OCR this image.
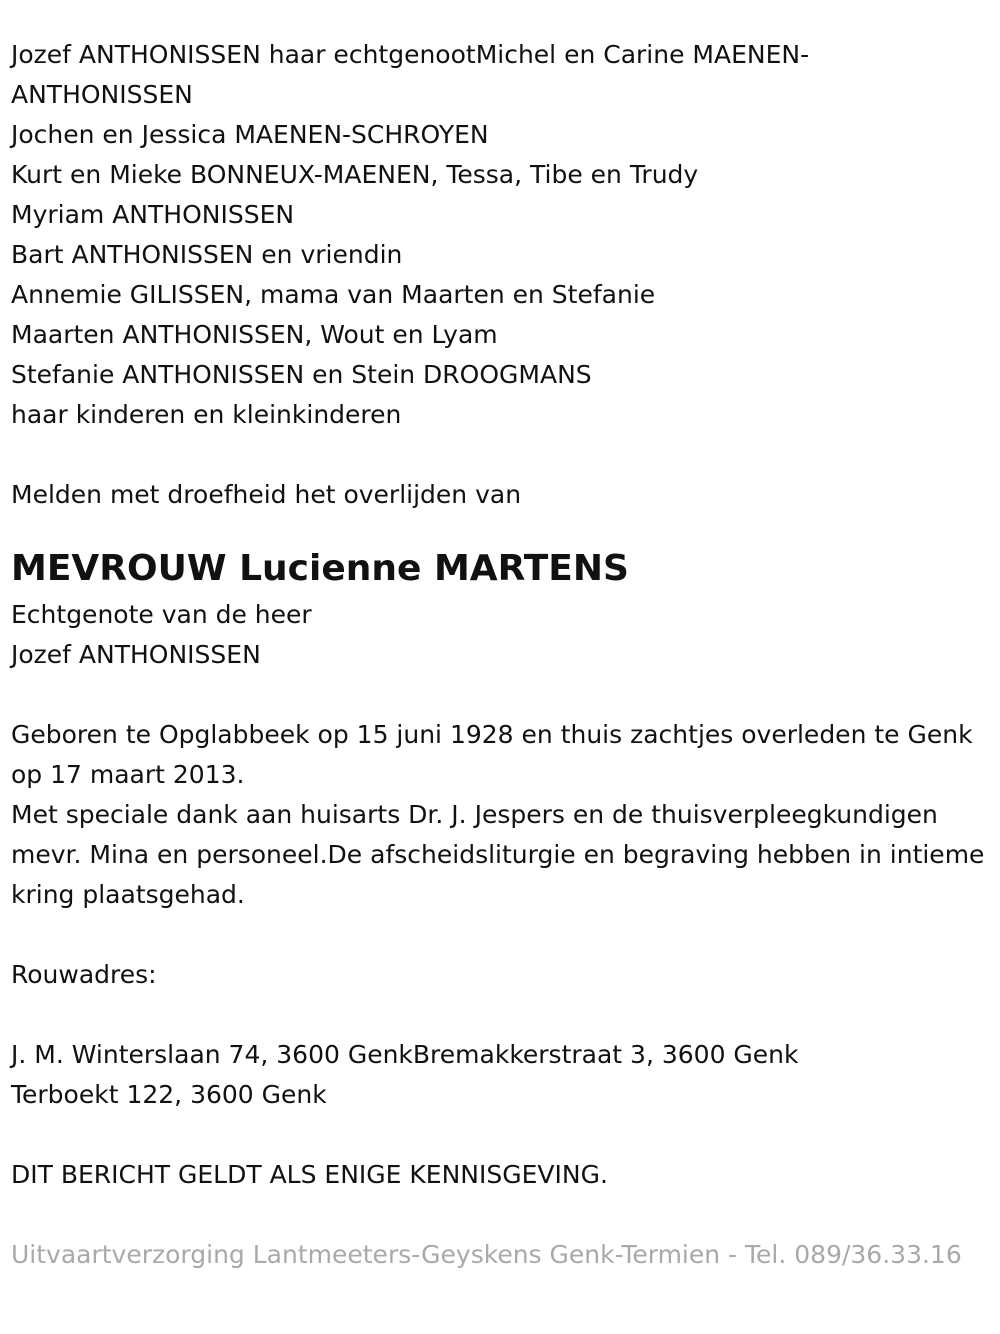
Jozef ANTHONISSEN haar echtgenootMichel en Carine MAENEN-ANTHONISSEN

Jochen en Jessica MAENEN-SCHROYEN

Kurt en Mieke BONNEUX-MAENEN, Tessa, Tibe en Trudy

Myriam ANTHONISSEN

Bart ANTHONISSEN en vriendin

Annemie GILISSEN, mama van Maarten en Stefanie

Maarten ANTHONISSEN, Wout en Lyam

Stefanie ANTHONISSEN en Stein DROOGMANS

haar kinderen en kleinkinderen

Melden met droefheid het overlijden van

MEVROUW Lucienne MARTENS

Echtgenote van de heer

Jozef ANTHONISSEN

Geboren te Opglabbeek op 15 juni 1928 en thuis zachtjes overleden te Genk op 17 maart 2013.

Met speciale dank aan huisarts Dr. J. Jespers en de thuisverpleegkundigen mevr. Mina en personeel.De afscheidsliturgie en begraving hebben in intieme kring plaatsgehad.

Rouwadres:

J. M. Winterslaan 74, 3600 GenkBremakkerstraat 3, 3600 Genk

Terboekt 122, 3600 Genk

DIT BERICHT GELDT ALS ENIGE KENNISGEVING.

Uitvaartverzorging Lantmeeters-Geyskens Genk-Termien - Tel. 089/36.33.16
